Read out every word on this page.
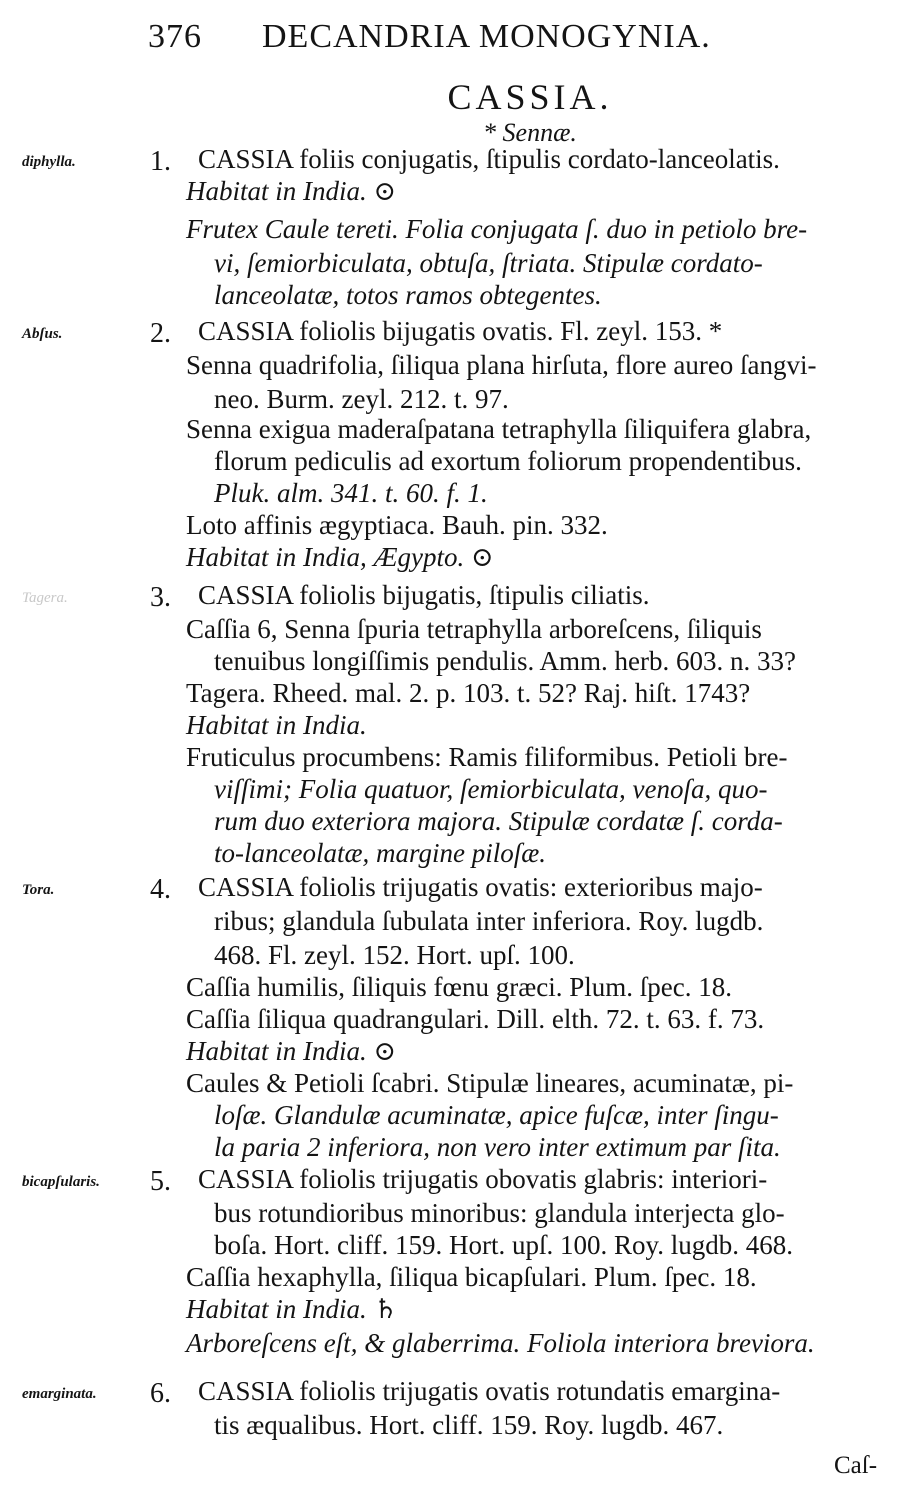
376 DECANDRIA MONOGYNIA.
CASSIA.
* Sennæ.
diphylla.	1. CASSIA foliis conjugatis, ſtipulis cordato-lanceolatis.
Habitat in India. ⊙
Frutex Caule tereti. Folia conjugata ſ. duo in petiolo bre-
vi, ſemiorbiculata, obtuſa, ſtriata. Stipulæ cordato-
lanceolatæ, totos ramos obtegentes.
Abſus.	2. CASSIA foliolis bijugatis ovatis. Fl. zeyl. 153. *
Senna quadrifolia, ſiliqua plana hirſuta, flore aureo ſangvi-
neo. Burm. zeyl. 212. t. 97.
Senna exigua maderaſpatana tetraphylla ſiliquifera glabra,
florum pediculis ad exortum foliorum propendentibus.
Pluk. alm. 341. t. 60. f. 1.
Loto affinis ægyptiaca. Bauh. pin. 332.
Habitat in India, Ægypto. ⊙
Tagera.	3. CASSIA foliolis bijugatis, ſtipulis ciliatis.
Caſſia 6, Senna ſpuria tetraphylla arboreſcens, ſiliquis
tenuibus longiſſimis pendulis. Amm. herb. 603. n. 33?
Tagera. Rheed. mal. 2. p. 103. t. 52? Raj. hiſt. 1743?
Habitat in India.
Fruticulus procumbens: Ramis filiformibus. Petioli bre-
viſſimi; Folia quatuor, ſemiorbiculata, venoſa, quo-
rum duo exteriora majora. Stipulæ cordatæ ſ. corda-
to-lanceolatæ, margine piloſæ.
Tora.	4. CASSIA foliolis trijugatis ovatis: exterioribus majo-
ribus; glandula ſubulata inter inferiora. Roy. lugdb.
468. Fl. zeyl. 152. Hort. upſ. 100.
Caſſia humilis, ſiliquis fœnu græci. Plum. ſpec. 18.
Caſſia ſiliqua quadrangulari. Dill. elth. 72. t. 63. f. 73.
Habitat in India. ⊙
Caules & Petioli ſcabri. Stipulæ lineares, acuminatæ, pi-
loſæ. Glandulæ acuminatæ, apice fuſcæ, inter ſingu-
la paria 2 inferiora, non vero inter extimum par ſita.
bicapſularis.	5. CASSIA foliolis trijugatis obovatis glabris: interiori-
bus rotundioribus minoribus: glandula interjecta glo-
boſa. Hort. cliff. 159. Hort. upſ. 100. Roy. lugdb. 468.
Caſſia hexaphylla, ſiliqua bicapſulari. Plum. ſpec. 18.
Habitat in India. ♄
Arboreſcens eſt, & glaberrima. Foliola interiora breviora.
emarginata.	6. CASSIA foliolis trijugatis ovatis rotundatis emargina-
tis æqualibus. Hort. cliff. 159. Roy. lugdb. 467.
Caſ-
